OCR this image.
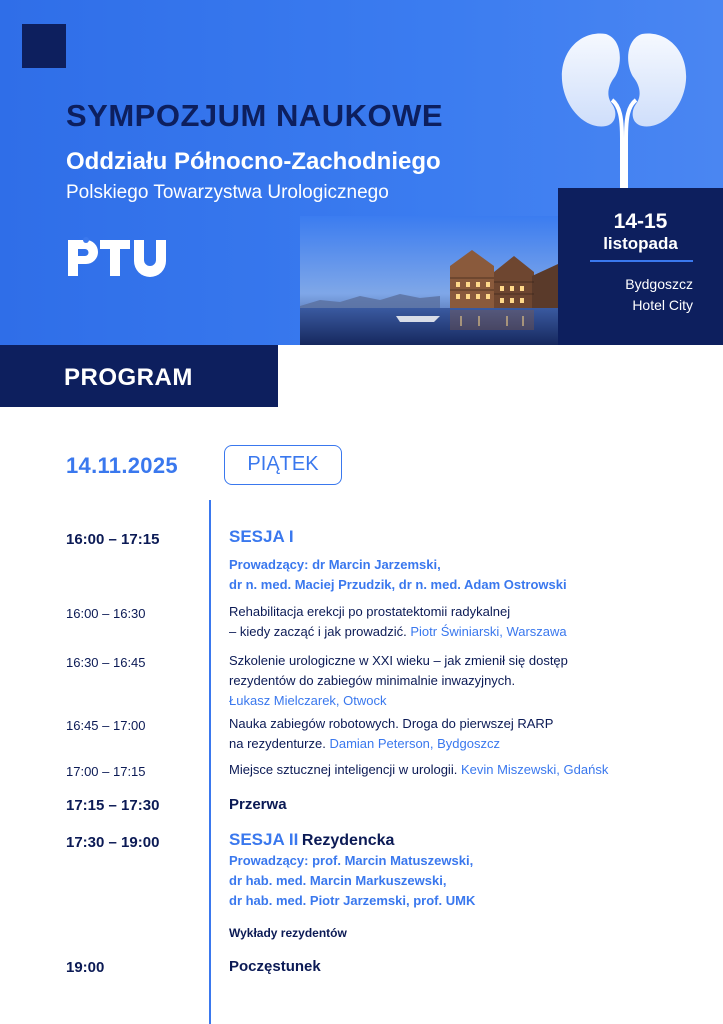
SYMPOZJUM NAUKOWE
Oddziału Północno-Zachodniego
Polskiego Towarzystwa Urologicznego
14-15
listopada
Bydgoszcz
Hotel City
PROGRAM
14.11.2025	PIĄTEK
16:00 – 17:15	SESJA I
Prowadzący: dr Marcin Jarzemski,
dr n. med. Maciej Przudzik, dr n. med. Adam Ostrowski
16:00 – 16:30	Rehabilitacja erekcji po prostatektomii radykalnej
– kiedy zacząć i jak prowadzić. Piotr Świniarski, Warszawa
16:30 – 16:45	Szkolenie urologiczne w XXI wieku – jak zmienił się dostęp
rezydentów do zabiegów minimalnie inwazyjnych.
Łukasz Mielczarek, Otwock
16:45 – 17:00	Nauka zabiegów robotowych. Droga do pierwszej RARP
na rezydenturze. Damian Peterson, Bydgoszcz
17:00 – 17:15	Miejsce sztucznej inteligencji w urologii. Kevin Miszewski, Gdańsk
17:15 – 17:30	Przerwa
17:30 – 19:00	SESJA II Rezydencka
Prowadzący: prof. Marcin Matuszewski,
dr hab. med. Marcin Markuszewski,
dr hab. med. Piotr Jarzemski, prof. UMK
Wykłady rezydentów
19:00	Poczęstunek
